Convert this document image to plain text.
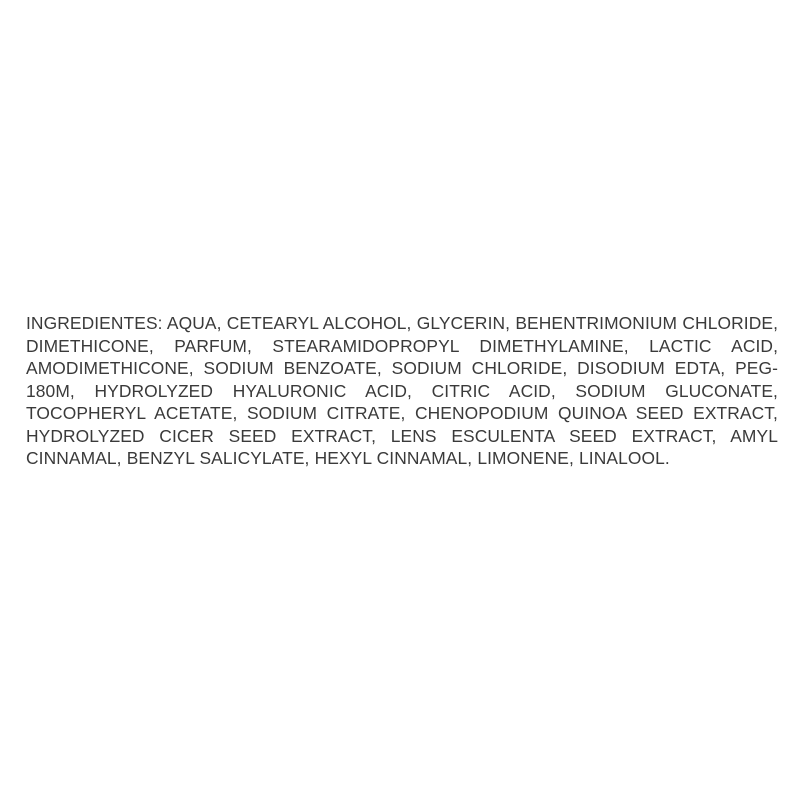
INGREDIENTES: AQUA, CETEARYL ALCOHOL, GLYCERIN, BEHENTRIMONIUM CHLORIDE, DIMETHICONE, PARFUM, STEARAMIDOPROPYL DIMETHYLAMINE, LACTIC ACID, AMODIMETHICONE, SODIUM BENZOATE, SODIUM CHLORIDE, DISODIUM EDTA, PEG-180M, HYDROLYZED HYALURONIC ACID, CITRIC ACID, SODIUM GLUCONATE, TOCOPHERYL ACETATE, SODIUM CITRATE, CHENOPODIUM QUINOA SEED EXTRACT, HYDROLYZED CICER SEED EXTRACT, LENS ESCULENTA SEED EXTRACT, AMYL CINNAMAL, BENZYL SALICYLATE, HEXYL CINNAMAL, LIMONENE, LINALOOL.
